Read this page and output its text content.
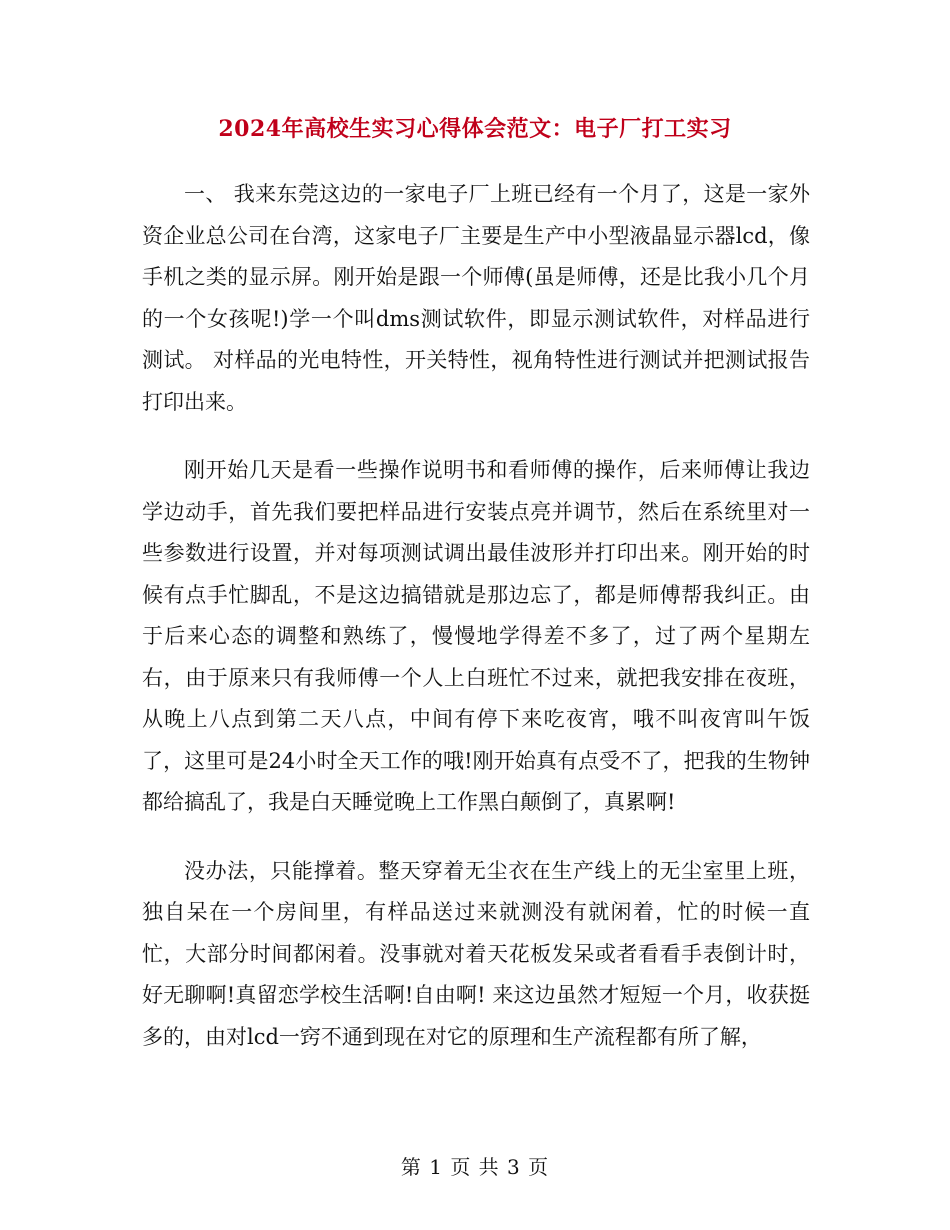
2024年高校生实习心得体会范文：电子厂打工实习

一、 我来东莞这边的一家电子厂上班已经有一个月了，这是一家外资企业总公司在台湾，这家电子厂主要是生产中小型液晶显示器lcd，像手机之类的显示屏。刚开始是跟一个师傅(虽是师傅，还是比我小几个月的一个女孩呢!)学一个叫dms测试软件，即显示测试软件，对样品进行测试。 对样品的光电特性，开关特性，视角特性进行测试并把测试报告打印出来。

刚开始几天是看一些操作说明书和看师傅的操作，后来师傅让我边学边动手，首先我们要把样品进行安装点亮并调节，然后在系统里对一些参数进行设置，并对每项测试调出最佳波形并打印出来。刚开始的时候有点手忙脚乱，不是这边搞错就是那边忘了，都是师傅帮我纠正。由于后来心态的调整和熟练了，慢慢地学得差不多了，过了两个星期左右，由于原来只有我师傅一个人上白班忙不过来，就把我安排在夜班，从晚上八点到第二天八点，中间有停下来吃夜宵，哦不叫夜宵叫午饭了，这里可是24小时全天工作的哦!刚开始真有点受不了，把我的生物钟都给搞乱了，我是白天睡觉晚上工作黑白颠倒了，真累啊!

没办法，只能撑着。整天穿着无尘衣在生产线上的无尘室里上班，独自呆在一个房间里，有样品送过来就测没有就闲着，忙的时候一直忙，大部分时间都闲着。没事就对着天花板发呆或者看看手表倒计时，好无聊啊!真留恋学校生活啊!自由啊! 来这边虽然才短短一个月，收获挺多的，由对lcd一窍不通到现在对它的原理和生产流程都有所了解，

第 1 页 共 3 页
